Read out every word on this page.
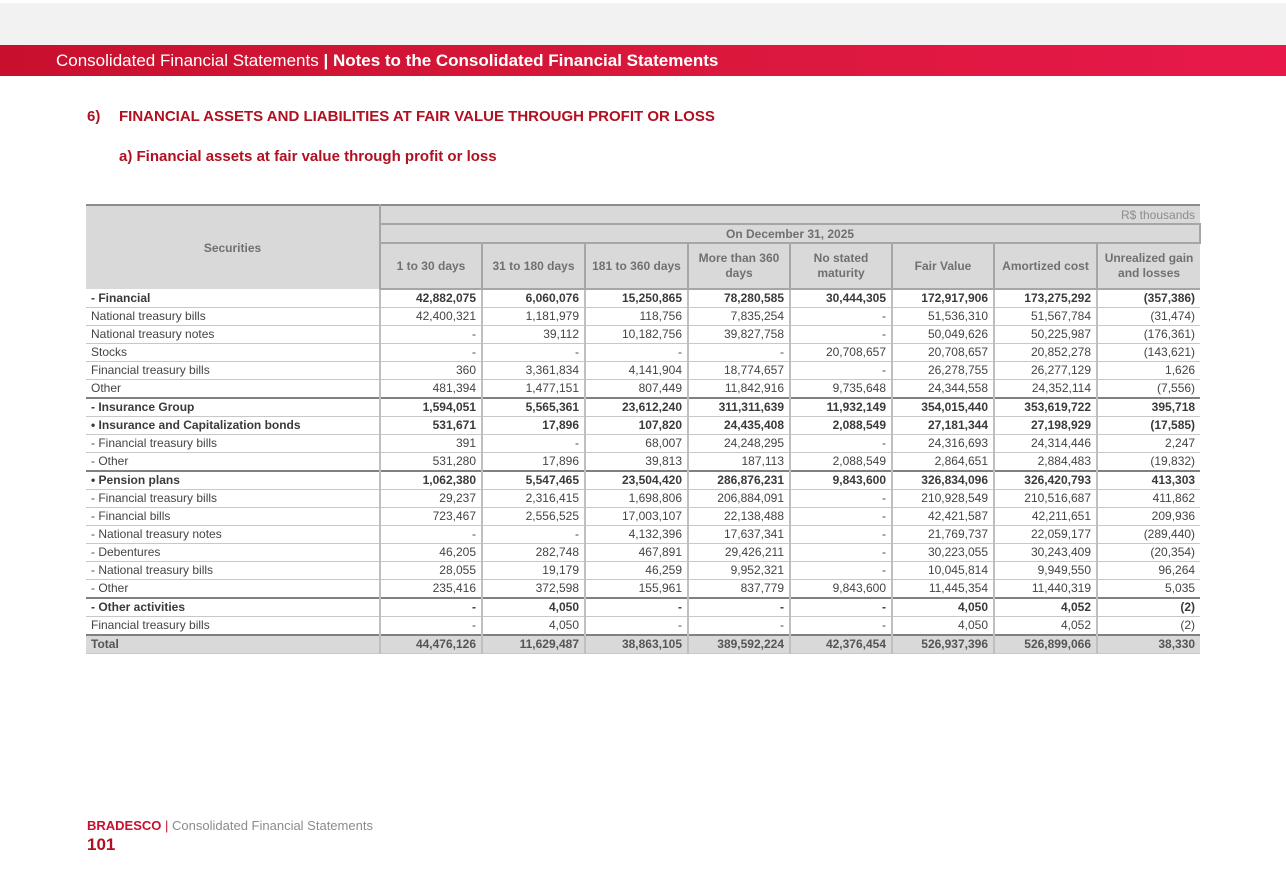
Consolidated Financial Statements | Notes to the Consolidated Financial Statements
6) FINANCIAL ASSETS AND LIABILITIES AT FAIR VALUE THROUGH PROFIT OR LOSS
a) Financial assets at fair value through profit or loss
Securities	R$ thousands							
	On December 31, 2025							
	1 to 30 days	31 to 180 days	181 to 360 days	More than 360 days	No stated maturity	Fair Value	Amortized cost	Unrealized gain and losses
- Financial	42,882,075	6,060,076	15,250,865	78,280,585	30,444,305	172,917,906	173,275,292	(357,386)
National treasury bills	42,400,321	1,181,979	118,756	7,835,254	-	51,536,310	51,567,784	(31,474)
National treasury notes	-	39,112	10,182,756	39,827,758	-	50,049,626	50,225,987	(176,361)
Stocks	-	-	-	-	20,708,657	20,708,657	20,852,278	(143,621)
Financial treasury bills	360	3,361,834	4,141,904	18,774,657	-	26,278,755	26,277,129	1,626
Other	481,394	1,477,151	807,449	11,842,916	9,735,648	24,344,558	24,352,114	(7,556)
- Insurance Group	1,594,051	5,565,361	23,612,240	311,311,639	11,932,149	354,015,440	353,619,722	395,718
• Insurance and Capitalization bonds	531,671	17,896	107,820	24,435,408	2,088,549	27,181,344	27,198,929	(17,585)
- Financial treasury bills	391	-	68,007	24,248,295	-	24,316,693	24,314,446	2,247
- Other	531,280	17,896	39,813	187,113	2,088,549	2,864,651	2,884,483	(19,832)
• Pension plans	1,062,380	5,547,465	23,504,420	286,876,231	9,843,600	326,834,096	326,420,793	413,303
- Financial treasury bills	29,237	2,316,415	1,698,806	206,884,091	-	210,928,549	210,516,687	411,862
- Financial bills	723,467	2,556,525	17,003,107	22,138,488	-	42,421,587	42,211,651	209,936
- National treasury notes	-	-	4,132,396	17,637,341	-	21,769,737	22,059,177	(289,440)
- Debentures	46,205	282,748	467,891	29,426,211	-	30,223,055	30,243,409	(20,354)
- National treasury bills	28,055	19,179	46,259	9,952,321	-	10,045,814	9,949,550	96,264
- Other	235,416	372,598	155,961	837,779	9,843,600	11,445,354	11,440,319	5,035
- Other activities	-	4,050	-	-	-	4,050	4,052	(2)
Financial treasury bills	-	4,050	-	-	-	4,050	4,052	(2)
Total	44,476,126	11,629,487	38,863,105	389,592,224	42,376,454	526,937,396	526,899,066	38,330
BRADESCO | Consolidated Financial Statements
101
